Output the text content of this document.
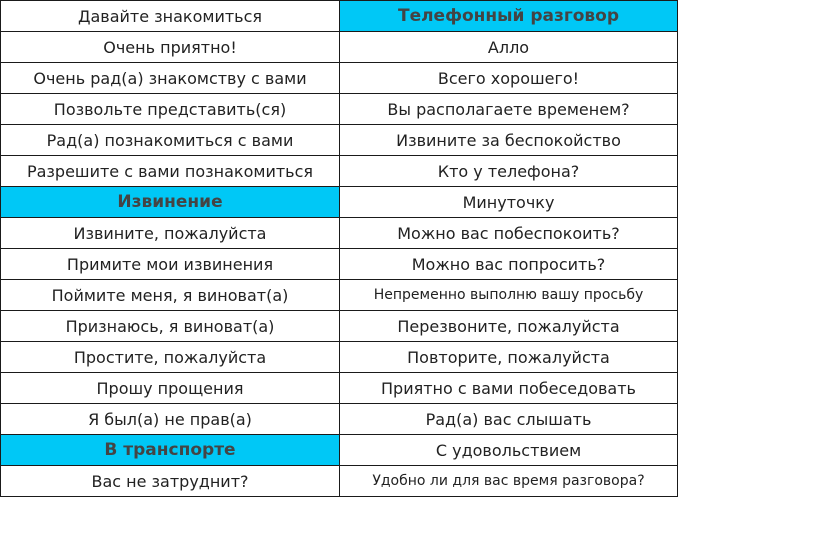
Давайте знакомиться	Телефонный разговор
Очень приятно!	Алло
Очень рад(а) знакомству с вами	Всего хорошего!
Позвольте представить(ся)	Вы располагаете временем?
Рад(а) познакомиться с вами	Извините за беспокойство
Разрешите с вами познакомиться	Кто у телефона?
Извинение	Минуточку
Извините, пожалуйста	Можно вас побеспокоить?
Примите мои извинения	Можно вас попросить?
Поймите меня, я виноват(а)	Непременно выполню вашу просьбу
Признаюсь, я виноват(а)	Перезвоните, пожалуйста
Простите, пожалуйста	Повторите, пожалуйста
Прошу прощения	Приятно с вами побеседовать
Я был(а) не прав(а)	Рад(а) вас слышать
В транспорте	С удовольствием
Вас не затруднит?	Удобно ли для вас время разговора?
